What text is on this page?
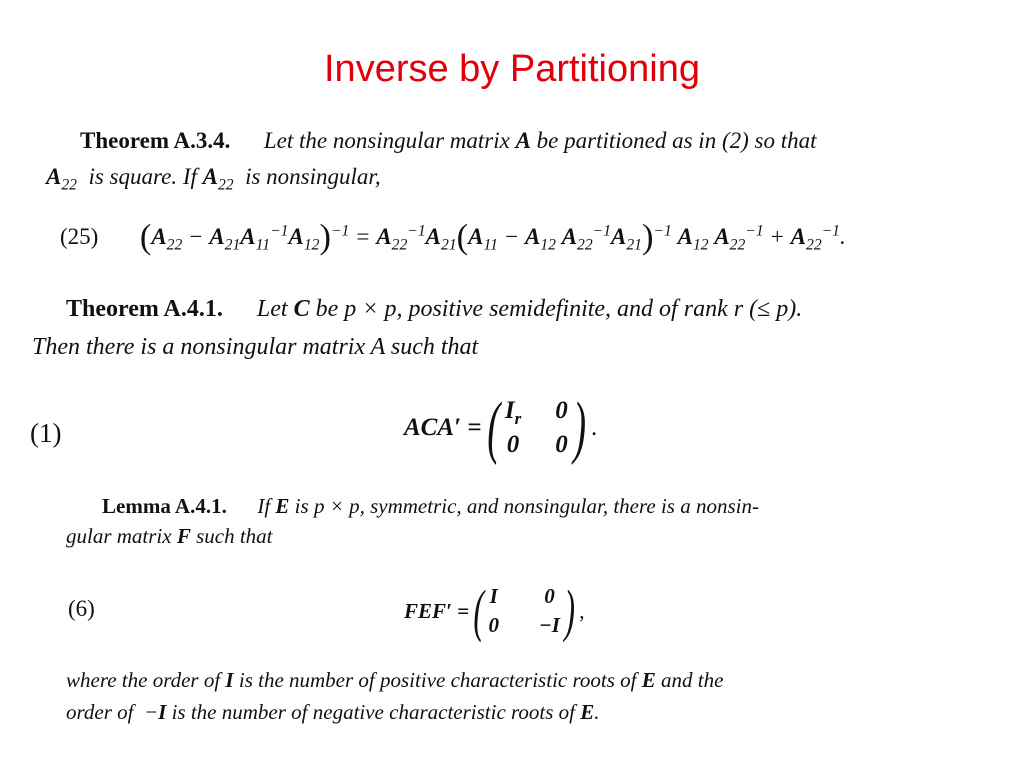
Inverse by Partitioning
Theorem A.3.4. Let the nonsingular matrix A be partitioned as in (2) so that
$A_{22}$  is square. If $A_{22}$  is nonsingular,
(25) $(A_{22} - A_{21}A_{11}^{-1}A_{12})^{-1} = A_{22}^{-1}A_{21}(A_{11} - A_{12}$ $A_{22}^{-1}A_{21})^{-1}$ $A_{12}$ $A_{22}^{-1} + A_{22}^{-1}$.
Theorem A.4.1. Let C be p × p, positive semidefinite, and of rank r (≤ p).
Then there is a nonsingular matrix A such that
(1)	ACA′ = ( $I_r$ 0
0 0 ) .
Lemma A.4.1. If E is p × p, symmetric, and nonsingular, there is a nonsin-
gular matrix F such that
(6)	FEF′ = ( I 0
0 −I ) ,
where the order of I is the number of positive characteristic roots of E and the
order of  −I is the number of negative characteristic roots of E.
